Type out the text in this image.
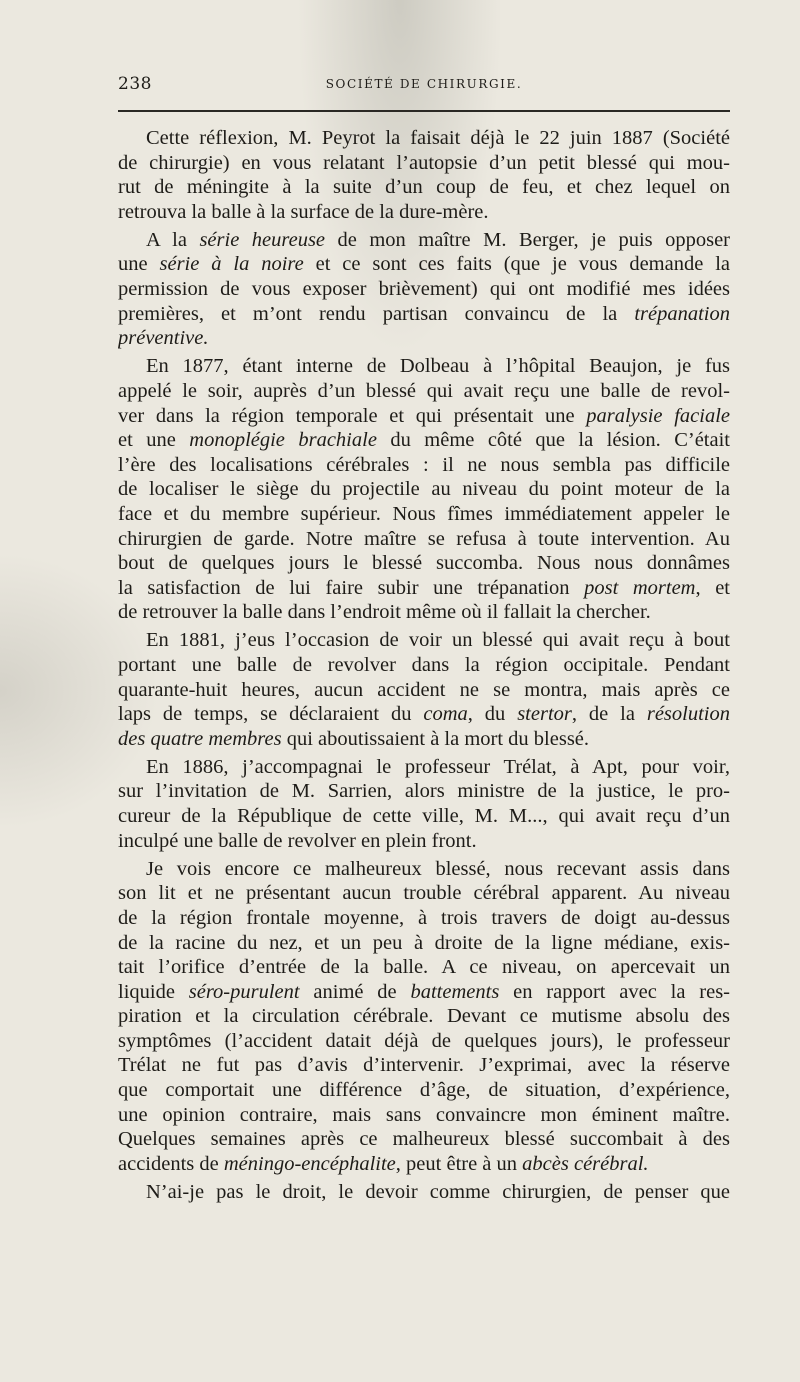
238	SOCIÉTÉ DE CHIRURGIE.
Cette réflexion, M. Peyrot la faisait déjà le 22 juin 1887 (Société
de chirurgie) en vous relatant l’autopsie d’un petit blessé qui mou-
rut de méningite à la suite d’un coup de feu, et chez lequel on
retrouva la balle à la surface de la dure-mère.
A la série heureuse de mon maître M. Berger, je puis opposer
une série à la noire et ce sont ces faits (que je vous demande la
permission de vous exposer brièvement) qui ont modifié mes idées
premières, et m’ont rendu partisan convaincu de la trépanation
préventive.
En 1877, étant interne de Dolbeau à l’hôpital Beaujon, je fus
appelé le soir, auprès d’un blessé qui avait reçu une balle de revol-
ver dans la région temporale et qui présentait une paralysie faciale
et une monoplégie brachiale du même côté que la lésion. C’était
l’ère des localisations cérébrales : il ne nous sembla pas difficile
de localiser le siège du projectile au niveau du point moteur de la
face et du membre supérieur. Nous fîmes immédiatement appeler le
chirurgien de garde. Notre maître se refusa à toute intervention. Au
bout de quelques jours le blessé succomba. Nous nous donnâmes
la satisfaction de lui faire subir une trépanation post mortem, et
de retrouver la balle dans l’endroit même où il fallait la chercher.
En 1881, j’eus l’occasion de voir un blessé qui avait reçu à bout
portant une balle de revolver dans la région occipitale. Pendant
quarante-huit heures, aucun accident ne se montra, mais après ce
laps de temps, se déclaraient du coma, du stertor, de la résolution
des quatre membres qui aboutissaient à la mort du blessé.
En 1886, j’accompagnai le professeur Trélat, à Apt, pour voir,
sur l’invitation de M. Sarrien, alors ministre de la justice, le pro-
cureur de la République de cette ville, M. M..., qui avait reçu d’un
inculpé une balle de revolver en plein front.
Je vois encore ce malheureux blessé, nous recevant assis dans
son lit et ne présentant aucun trouble cérébral apparent. Au niveau
de la région frontale moyenne, à trois travers de doigt au-dessus
de la racine du nez, et un peu à droite de la ligne médiane, exis-
tait l’orifice d’entrée de la balle. A ce niveau, on apercevait un
liquide séro-purulent animé de battements en rapport avec la res-
piration et la circulation cérébrale. Devant ce mutisme absolu des
symptômes (l’accident datait déjà de quelques jours), le professeur
Trélat ne fut pas d’avis d’intervenir. J’exprimai, avec la réserve
que comportait une différence d’âge, de situation, d’expérience,
une opinion contraire, mais sans convaincre mon éminent maître.
Quelques semaines après ce malheureux blessé succombait à des
accidents de méningo-encéphalite, peut être à un abcès cérébral.
N’ai-je pas le droit, le devoir comme chirurgien, de penser que
